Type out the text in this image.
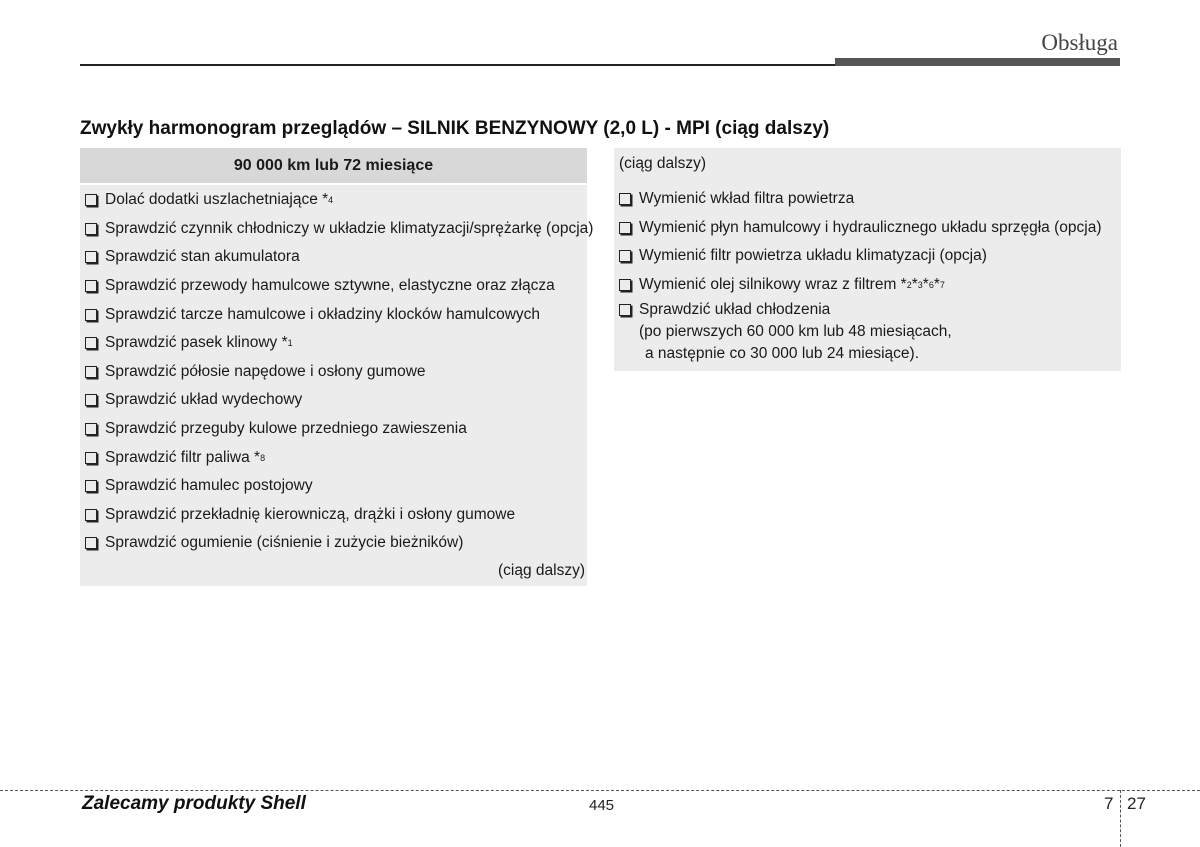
Obsługa
Zwykły harmonogram przeglądów – SILNIK BENZYNOWY (2,0 L) - MPI (ciąg dalszy)
90 000 km lub 72 miesiące
Dolać dodatki uszlachetniające * 4
Sprawdzić czynnik chłodniczy w układzie klimatyzacji/sprężarkę (opcja)
Sprawdzić stan akumulatora
Sprawdzić przewody hamulcowe sztywne, elastyczne oraz złącza
Sprawdzić tarcze hamulcowe i okładziny klocków hamulcowych
Sprawdzić pasek klinowy * 1
Sprawdzić półosie napędowe i osłony gumowe
Sprawdzić układ wydechowy
Sprawdzić przeguby kulowe przedniego zawieszenia
Sprawdzić filtr paliwa * 8
Sprawdzić hamulec postojowy
Sprawdzić przekładnię kierowniczą, drążki i osłony gumowe
Sprawdzić ogumienie (ciśnienie i zużycie bieżników)
(ciąg dalszy)
(ciąg dalszy)
Wymienić wkład filtra powietrza
Wymienić płyn hamulcowy i hydraulicznego układu sprzęgła (opcja)
Wymienić filtr powietrza układu klimatyzacji (opcja)
Wymienić olej silnikowy wraz z filtrem * 2 * 3 * 6 * 7
Sprawdzić układ chłodzenia
(po pierwszych 60 000 km lub 48 miesiącach,
a następnie co 30 000 lub 24 miesiące).
Zalecamy produkty Shell	445	7 27
